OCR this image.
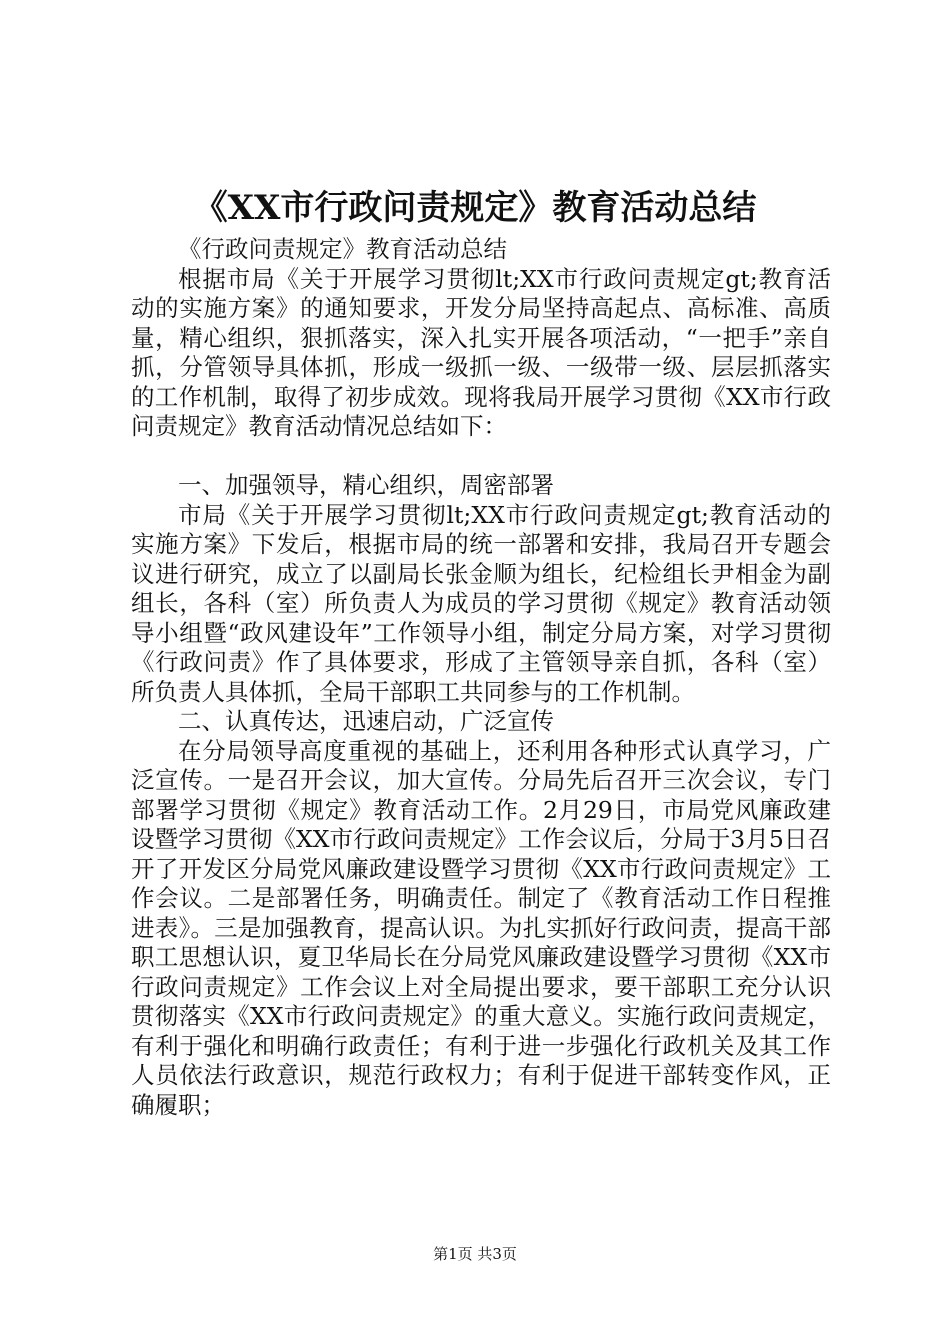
《XX市行政问责规定》教育活动总结

《行政问责规定》教育活动总结

根据市局《关于开展学习贯彻lt;XX市行政问责规定gt;教育活动的实施方案》的通知要求，开发分局坚持高起点、高标准、高质量，精心组织，狠抓落实，深入扎实开展各项活动，“一把手”亲自抓，分管领导具体抓，形成一级抓一级、一级带一级、层层抓落实的工作机制，取得了初步成效。现将我局开展学习贯彻《XX市行政问责规定》教育活动情况总结如下：

一、加强领导，精心组织，周密部署

市局《关于开展学习贯彻lt;XX市行政问责规定gt;教育活动的实施方案》下发后，根据市局的统一部署和安排，我局召开专题会议进行研究，成立了以副局长张金顺为组长，纪检组长尹相金为副组长，各科（室）所负责人为成员的学习贯彻《规定》教育活动领导小组暨“政风建设年”工作领导小组，制定分局方案，对学习贯彻《行政问责》作了具体要求，形成了主管领导亲自抓，各科（室）所负责人具体抓，全局干部职工共同参与的工作机制。

二、认真传达，迅速启动，广泛宣传

在分局领导高度重视的基础上，还利用各种形式认真学习，广泛宣传。一是召开会议，加大宣传。分局先后召开三次会议，专门部署学习贯彻《规定》教育活动工作。2月29日，市局党风廉政建设暨学习贯彻《XX市行政问责规定》工作会议后，分局于3月5日召开了开发区分局党风廉政建设暨学习贯彻《XX市行政问责规定》工作会议。二是部署任务，明确责任。制定了《教育活动工作日程推进表》。三是加强教育，提高认识。为扎实抓好行政问责，提高干部职工思想认识，夏卫华局长在分局党风廉政建设暨学习贯彻《XX市行政问责规定》工作会议上对全局提出要求，要干部职工充分认识贯彻落实《XX市行政问责规定》的重大意义。实施行政问责规定，有利于强化和明确行政责任；有利于进一步强化行政机关及其工作人员依法行政意识，规范行政权力；有利于促进干部转变作风，正确履职；

第1页 共3页
